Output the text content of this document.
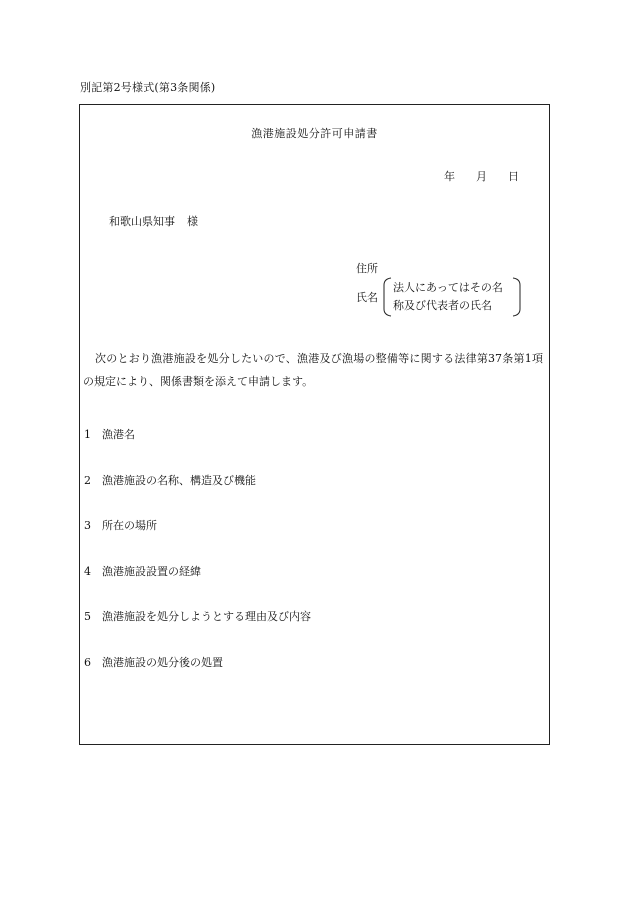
別記第2号様式(第3条関係)
漁港施設処分許可申請書
年 月 日
和歌山県知事 様
住所
氏名
法人にあってはその名
称及び代表者の氏名
次のとおり漁港施設を処分したいので、漁港及び漁場の整備等に関する法律第37条第1項の規定により、関係書類を添えて申請します。
1 漁港名
2 漁港施設の名称、構造及び機能
3 所在の場所
4 漁港施設設置の経緯
5 漁港施設を処分しようとする理由及び内容
6 漁港施設の処分後の処置
